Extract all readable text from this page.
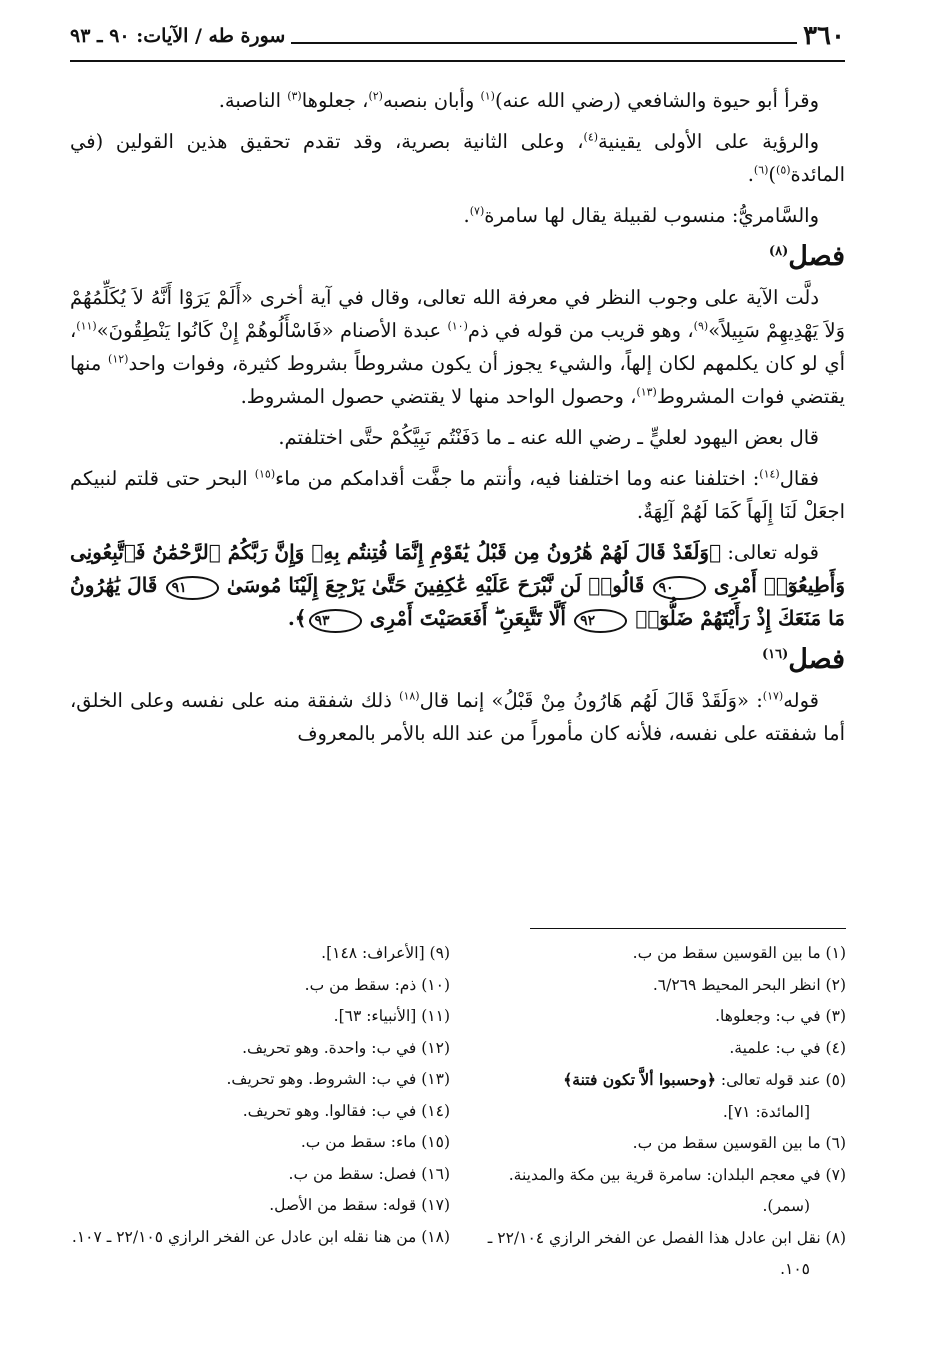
٣٦٠
سورة طه / الآيات: ٩٠ ـ ٩٣

وقرأ أبو حيوة والشافعي (رضي الله عنه)$^{(١)}$ وأبان بنصبه$^{(٢)}$، جعلوها$^{(٣)}$ الناصبة.

والرؤية على الأولى يقينية$^{(٤)}$، وعلى الثانية بصرية، وقد تقدم تحقيق هذين القولين (في المائدة$^{(٥)}$)$^{(٦)}$.

والسَّامريُّ: منسوب لقبيلة يقال لها سامرة$^{(٧)}$.

فصل$^{(٨)}$

دلَّت الآية على وجوب النظر في معرفة الله تعالى، وقال في آية أخرى «أَلَمْ يَرَوْا أَنَّهُ لاَ يُكَلِّمُهُمْ وَلاَ يَهْدِيهِمْ سَبِيلاً»$^{(٩)}$، وهو قريب من قوله في ذم$^{(١٠)}$ عبدة الأصنام «فَاسْأَلُوهُمْ إِنْ كَانُوا يَنْطِقُونَ»$^{(١١)}$، أي لو كان يكلمهم لكان إلهاً، والشيء يجوز أن يكون مشروطاً بشروط كثيرة، وفوات واحد$^{(١٢)}$ منها يقتضي فوات المشروط$^{(١٣)}$، وحصول الواحد منها لا يقتضي حصول المشروط.

قال بعض اليهود لعليٍّ ـ رضي الله عنه ـ ما دَفَنْتُم نَبِيَّكُمْ حتَّى اختلفتم.

فقال$^{(١٤)}$: اختلفنا عنه وما اختلفنا فيه، وأنتم ما جفَّت أقدامكم من ماء$^{(١٥)}$ البحر حتى قلتم لنبيكم اجعَلْ لَنَا إِلَهاً كَمَا لَهُمْ آلِهَةٌ.

قوله تعالى: ﴿وَلَقَدْ قَالَ لَهُمْ هَٰرُونُ مِن قَبْلُ يَٰقَوْمِ إِنَّمَا فُتِنتُم بِهِۦ وَإِنَّ رَبَّكُمُ ٱلرَّحْمَٰنُ فَٱتَّبِعُونِى وَأَطِيعُوٓا۟ أَمْرِى ٩٠ قَالُوا۟ لَن نَّبْرَحَ عَلَيْهِ عَٰكِفِينَ حَتَّىٰ يَرْجِعَ إِلَيْنَا مُوسَىٰ ٩١ قَالَ يَٰهَٰرُونُ مَا مَنَعَكَ إِذْ رَأَيْتَهُمْ ضَلُّوٓا۟ ٩٢ أَلَّا تَتَّبِعَنِ ۖ أَفَعَصَيْتَ أَمْرِى ٩٣﴾.

فصل$^{(١٦)}$

قوله$^{(١٧)}$: «وَلَقَدْ قَالَ لَهُم هَارُونُ مِنْ قَبْلُ» إنما قال$^{(١٨)}$ ذلك شفقة منه على نفسه وعلى الخلق، أما شفقته على نفسه، فلأنه كان مأموراً من عند الله بالأمر بالمعروف

(١) ما بين القوسين سقط من ب.

(٢) انظر البحر المحيط ٦/٢٦٩.

(٣) في ب: وجعلوها.

(٤) في ب: علمية.

(٥) عند قوله تعالى: ﴿وحسبوا ألاَّ تكون فتنة﴾
[المائدة: ٧١].

(٦) ما بين القوسين سقط من ب.

(٧) في معجم البلدان: سامرة قرية بين مكة والمدينة. (سمر).

(٨) نقل ابن عادل هذا الفصل عن الفخر الرازي ٢٢/١٠٤ ـ ١٠٥.

(٩) [الأعراف: ١٤٨].

(١٠) ذم: سقط من ب.

(١١) [الأنبياء: ٦٣].

(١٢) في ب: واحدة. وهو تحريف.

(١٣) في ب: الشروط. وهو تحريف.

(١٤) في ب: فقالوا. وهو تحريف.

(١٥) ماء: سقط من ب.

(١٦) فصل: سقط من ب.

(١٧) قوله: سقط من الأصل.

(١٨) من هنا نقله ابن عادل عن الفخر الرازي ٢٢/١٠٥ ـ ١٠٧.
